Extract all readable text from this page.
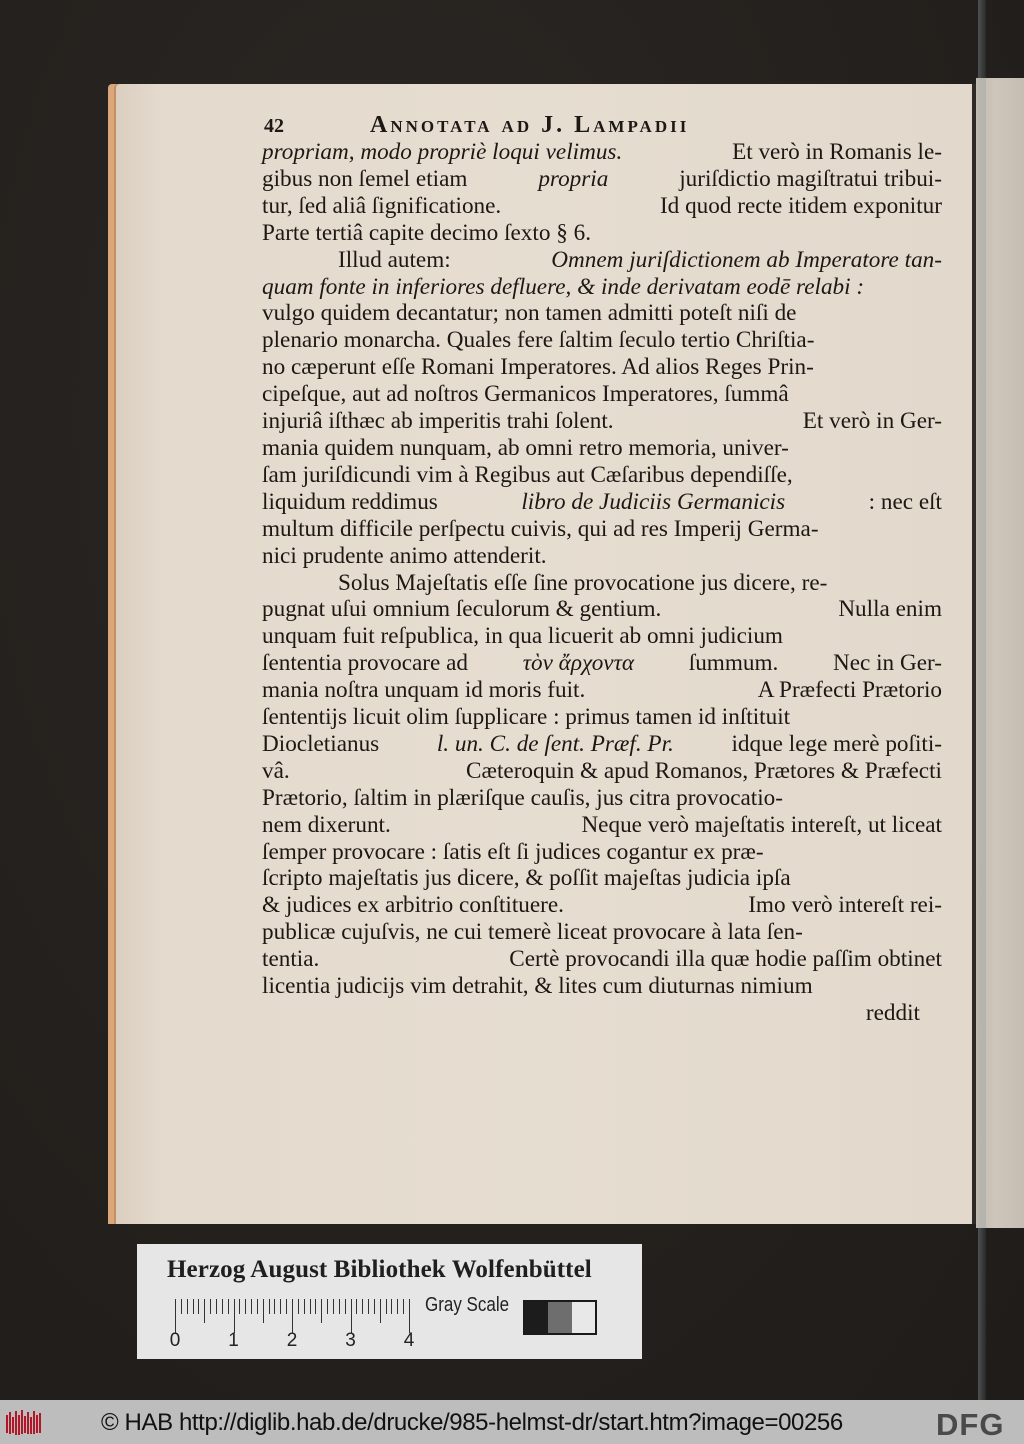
42	Annotata ad J. Lampadii
propriam, modo propriè loqui velimus.	Et verò in Romanis le-
gibus non ſemel etiam	propria	juriſdictio magiſtratui tribui-
tur, ſed aliâ ſignificatione.	Id quod recte itidem exponitur
Parte tertiâ capite decimo ſexto § 6.
Illud autem:	Omnem juriſdictionem ab Imperatore tan-
quam fonte in inferiores defluere, & inde derivatam eodē relabi :
vulgo quidem decantatur; non tamen admitti poteſt niſi de
plenario monarcha. Quales fere ſaltim ſeculo tertio Chriſtia-
no cæperunt eſſe Romani Imperatores. Ad alios Reges Prin-
cipeſque, aut ad noſtros Germanicos Imperatores, ſummâ
injuriâ iſthæc ab imperitis trahi ſolent.	Et verò in Ger-
mania quidem nunquam, ab omni retro memoria, univer-
ſam juriſdicundi vim à Regibus aut Cæſaribus dependiſſe,
liquidum reddimus	libro de Judiciis Germanicis	: nec eſt
multum difficile perſpectu cuivis, qui ad res Imperij Germa-
nici prudente animo attenderit.
Solus Majeſtatis eſſe ſine provocatione jus dicere, re-
pugnat uſui omnium ſeculorum & gentium.	Nulla enim
unquam fuit reſpublica, in qua licuerit ab omni judicium
ſententia provocare ad τὸν ἄρχοντα ſummum. Nec in Ger-
mania noſtra unquam id moris fuit.	A Præfecti Prætorio
ſententijs licuit olim ſupplicare : primus tamen id inſtituit
Diocletianus l. un. C. de ſent. Præf. Pr. idque lege merè poſiti-
vâ.	Cæteroquin & apud Romanos, Prætores & Præfecti
Prætorio, ſaltim in plæriſque cauſis, jus citra provocatio-
nem dixerunt.	Neque verò majeſtatis intereſt, ut liceat
ſemper provocare : ſatis eſt ſi judices cogantur ex præ-
ſcripto majeſtatis jus dicere, & poſſit majeſtas judicia ipſa
& judices ex arbitrio conſtituere.	Imo verò intereſt rei-
publicæ cujuſvis, ne cui temerè liceat provocare à lata ſen-
tentia.	Certè provocandi illa quæ hodie paſſim obtinet
licentia judicijs vim detrahit, & lites cum diuturnas nimium
reddit
Herzog August Bibliothek Wolfenbüttel
0	1	2	3	4
Gray Scale
© HAB http://diglib.hab.de/drucke/985-helmst-dr/start.htm?image=00256	DFG
